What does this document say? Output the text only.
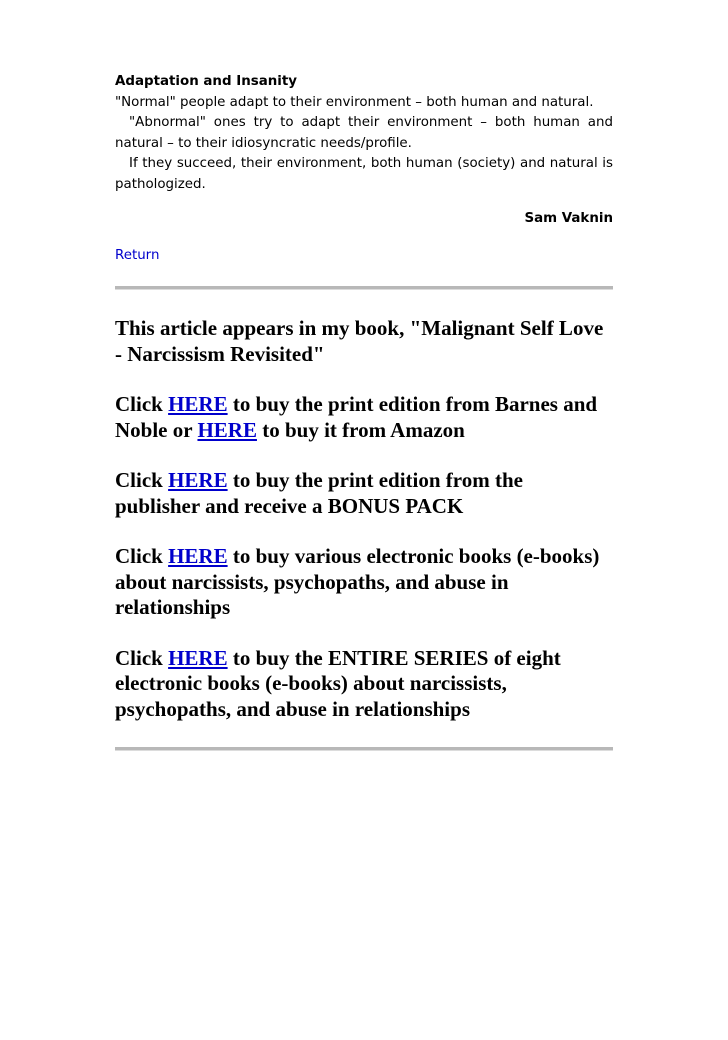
Adaptation and Insanity

"Normal" people adapt to their environment – both human and natural.

"Abnormal" ones try to adapt their environment – both human and natural – to their idiosyncratic needs/profile.

If they succeed, their environment, both human (society) and natural is pathologized.

Sam Vaknin

Return

This article appears in my book, "Malignant Self Love - Narcissism Revisited"

Click HERE to buy the print edition from Barnes and Noble or HERE to buy it from Amazon

Click HERE to buy the print edition from the publisher and receive a BONUS PACK

Click HERE to buy various electronic books (e-books) about narcissists, psychopaths, and abuse in relationships

Click HERE to buy the ENTIRE SERIES of eight electronic books (e-books) about narcissists, psychopaths, and abuse in relationships
